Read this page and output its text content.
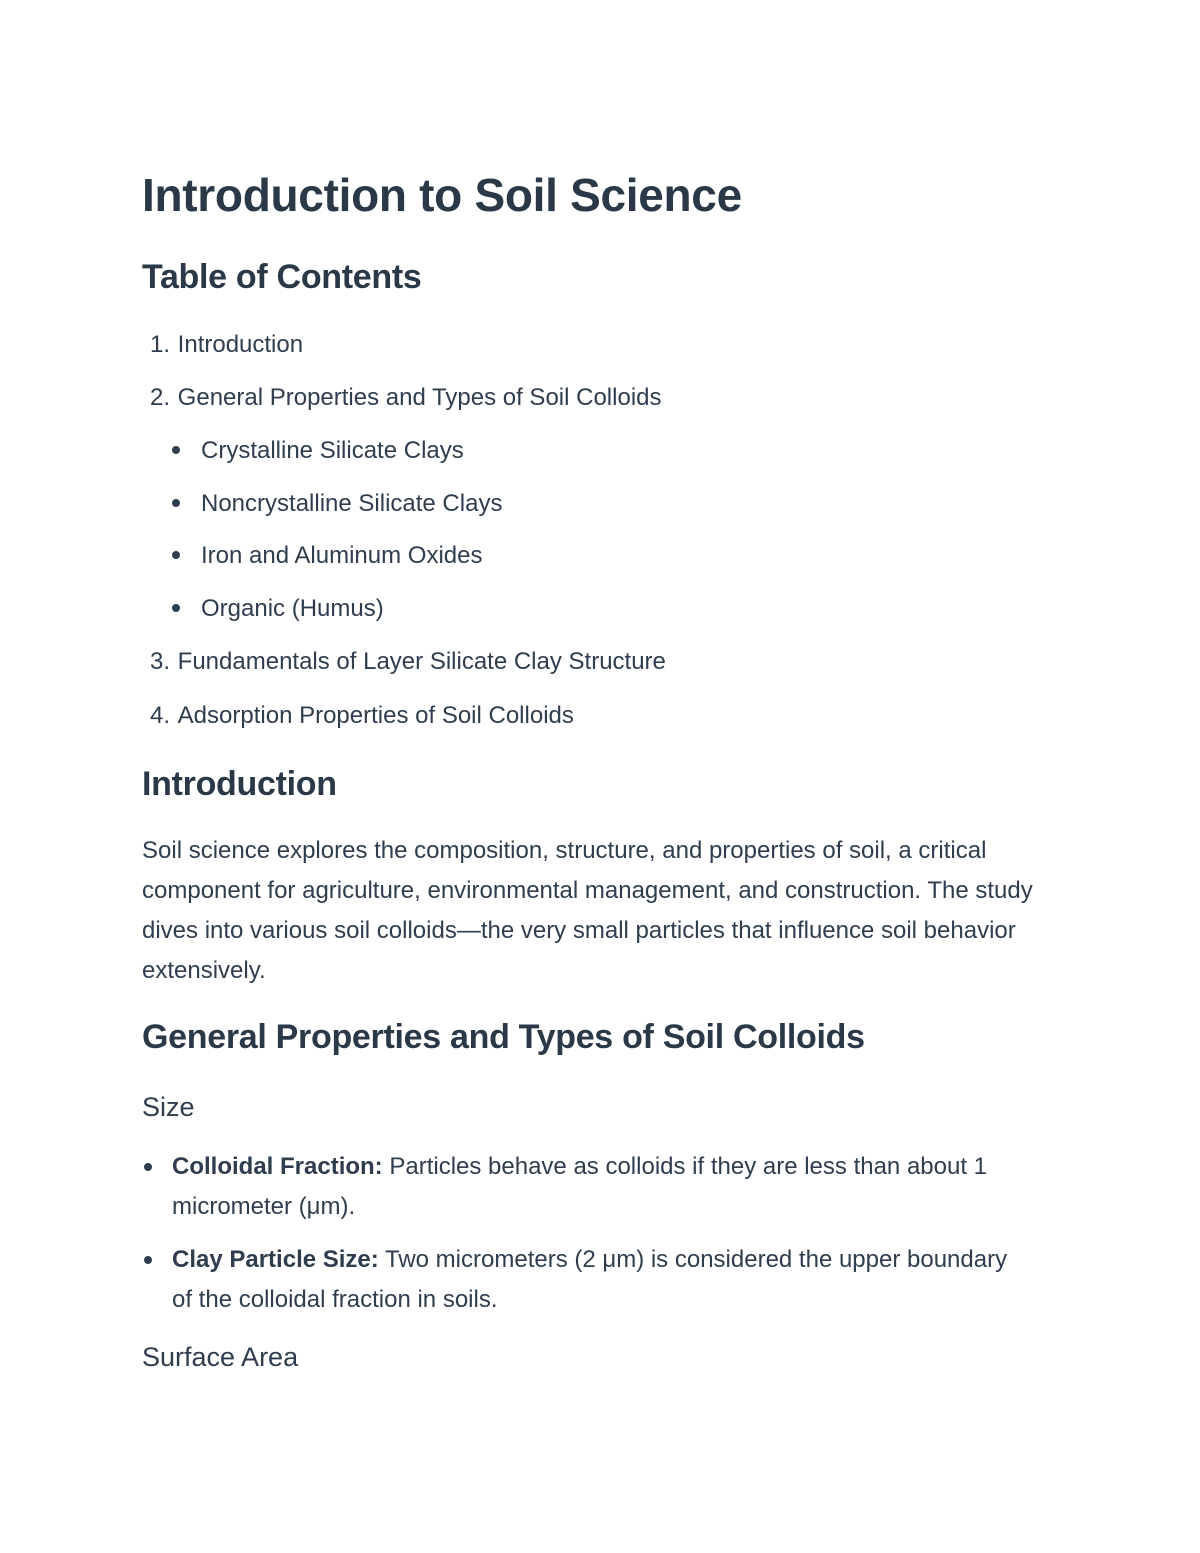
Introduction to Soil Science
Table of Contents
1. Introduction
2. General Properties and Types of Soil Colloids
Crystalline Silicate Clays
Noncrystalline Silicate Clays
Iron and Aluminum Oxides
Organic (Humus)
3. Fundamentals of Layer Silicate Clay Structure
4. Adsorption Properties of Soil Colloids
Introduction

Soil science explores the composition, structure, and properties of soil, a critical component for agriculture, environmental management, and construction. The study dives into various soil colloids—the very small particles that influence soil behavior extensively.

General Properties and Types of Soil Colloids
Size
Colloidal Fraction: Particles behave as colloids if they are less than about 1 micrometer (μm).
Clay Particle Size: Two micrometers (2 μm) is considered the upper boundary of the colloidal fraction in soils.
Surface Area
